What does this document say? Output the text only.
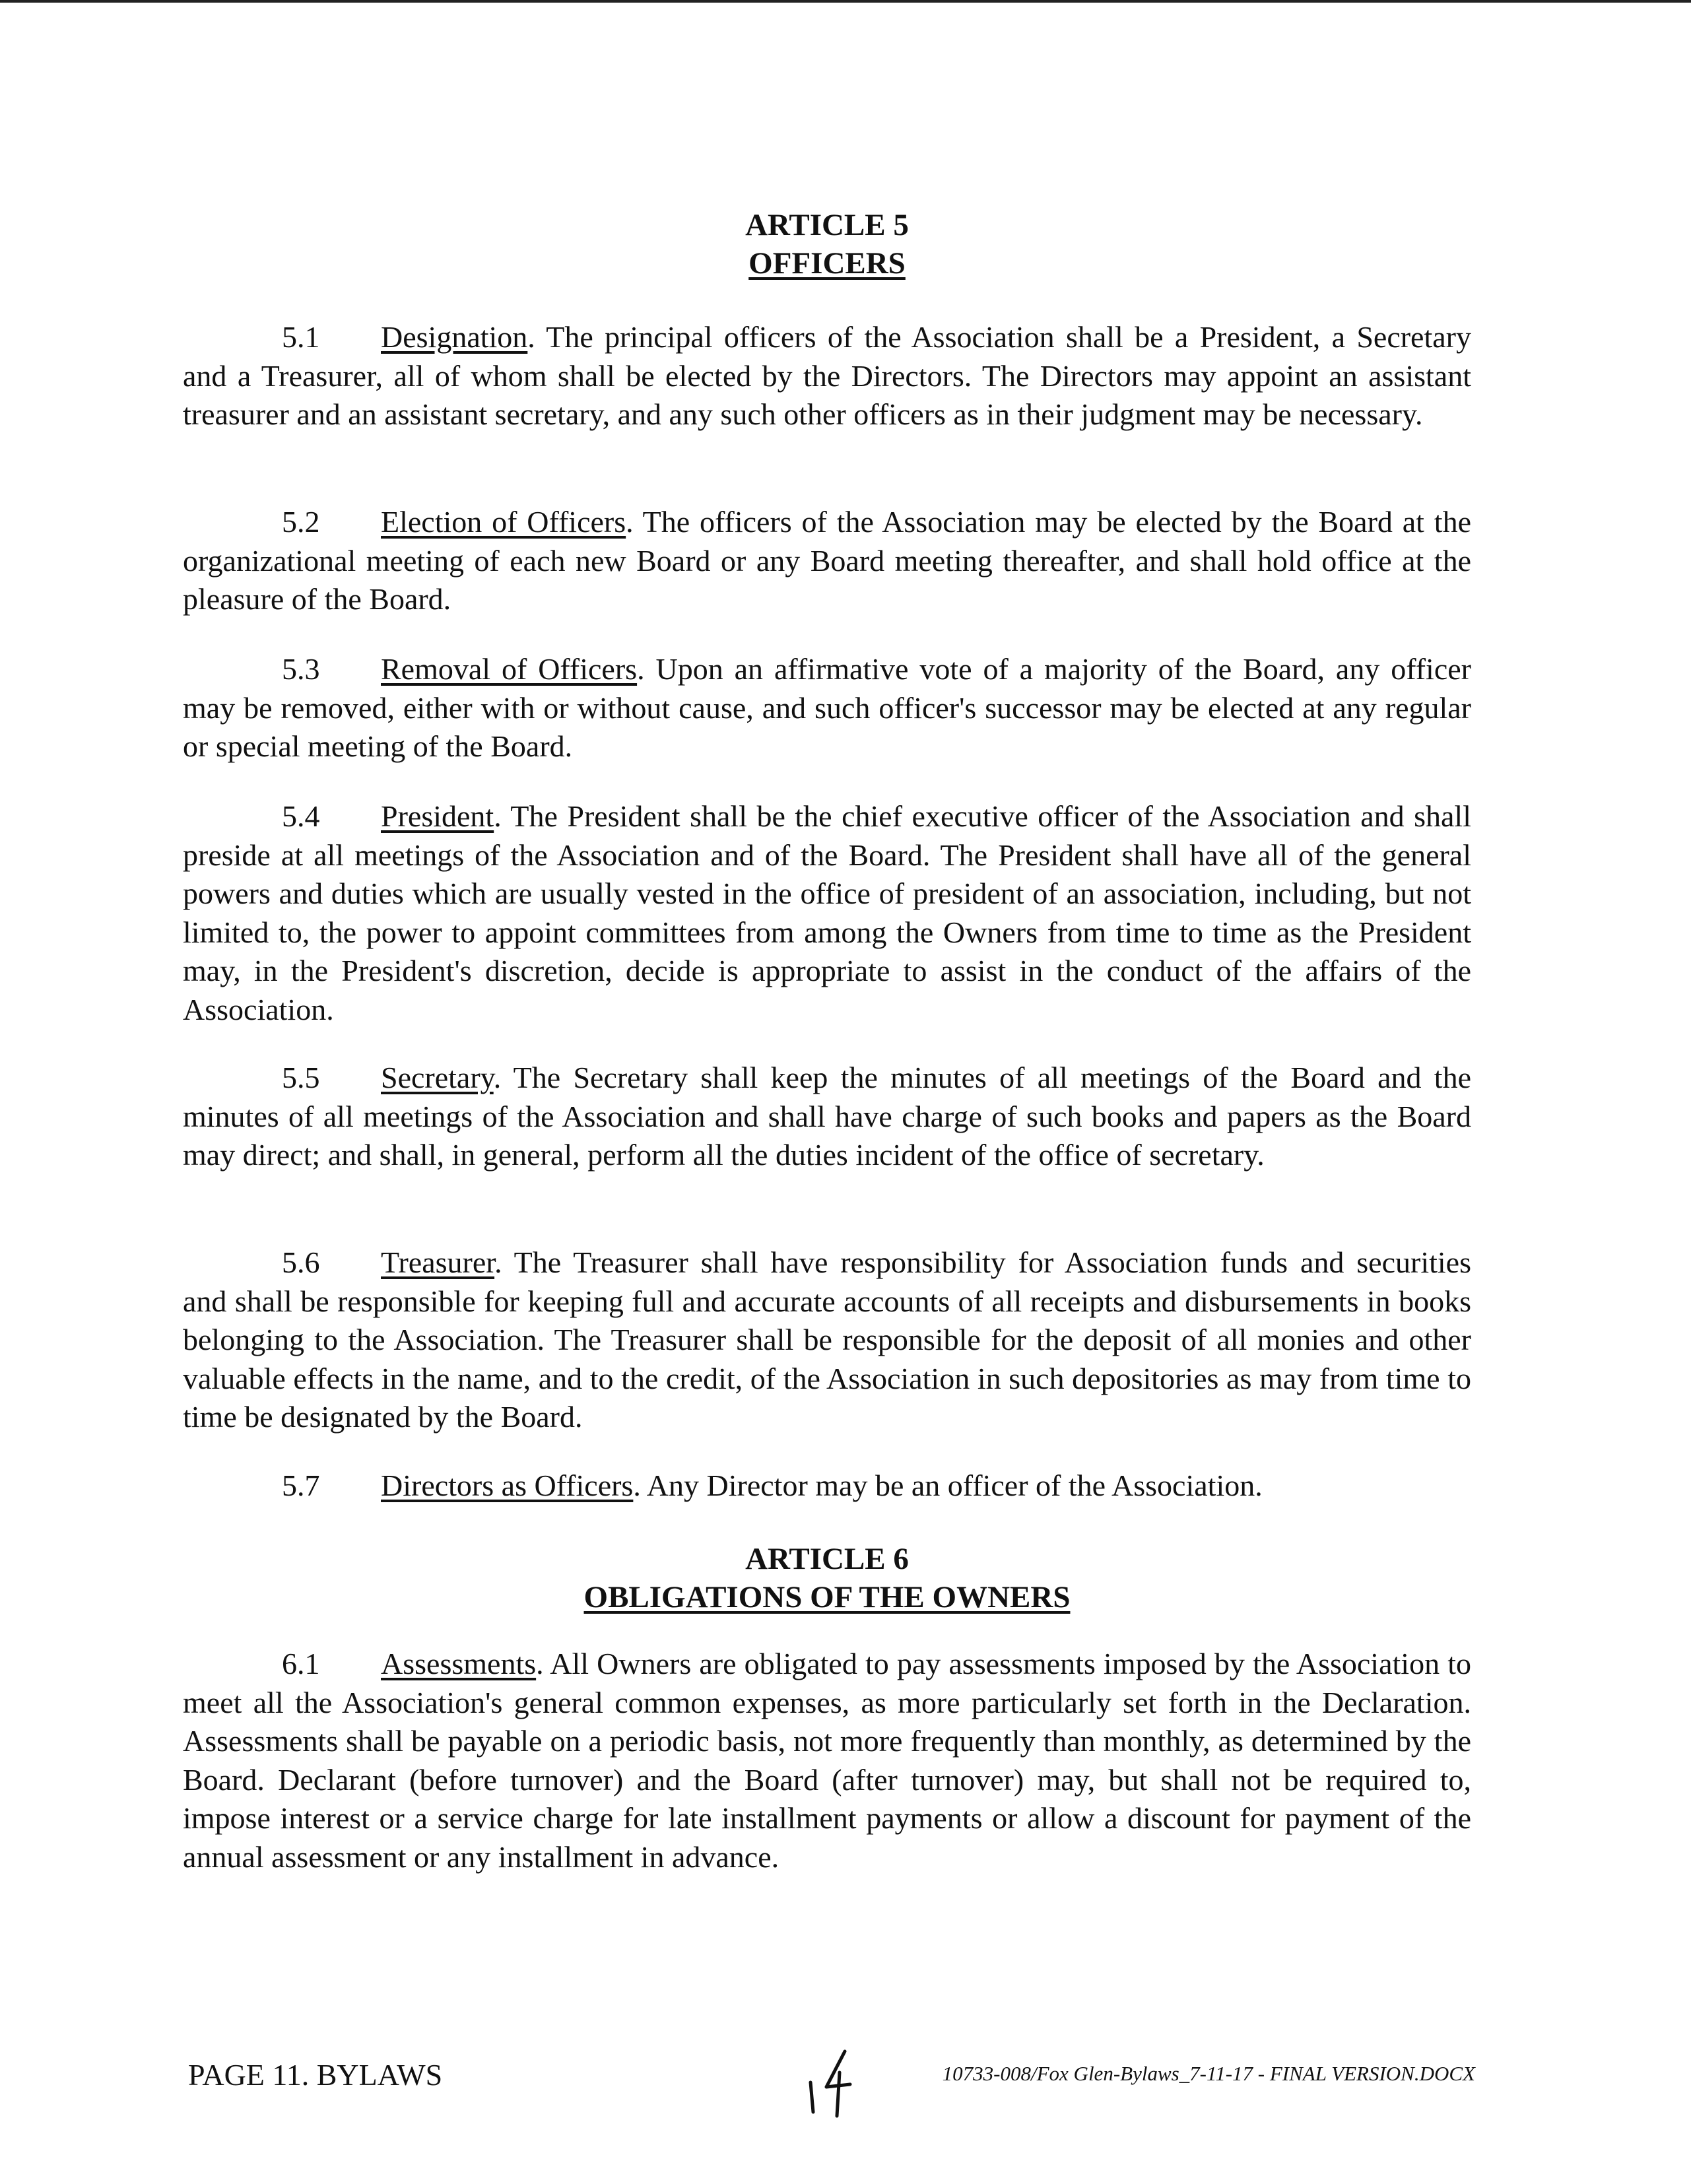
ARTICLE 5
OFFICERS
5.1 Designation. The principal officers of the Association shall be a President, a Secretary and a Treasurer, all of whom shall be elected by the Directors. The Directors may appoint an assistant treasurer and an assistant secretary, and any such other officers as in their judgment may be necessary.
5.2 Election of Officers. The officers of the Association may be elected by the Board at the organizational meeting of each new Board or any Board meeting thereafter, and shall hold office at the pleasure of the Board.
5.3 Removal of Officers. Upon an affirmative vote of a majority of the Board, any officer may be removed, either with or without cause, and such officer's successor may be elected at any regular or special meeting of the Board.
5.4 President. The President shall be the chief executive officer of the Association and shall preside at all meetings of the Association and of the Board. The President shall have all of the general powers and duties which are usually vested in the office of president of an association, including, but not limited to, the power to appoint committees from among the Owners from time to time as the President may, in the President's discretion, decide is appropriate to assist in the conduct of the affairs of the Association.
5.5 Secretary. The Secretary shall keep the minutes of all meetings of the Board and the minutes of all meetings of the Association and shall have charge of such books and papers as the Board may direct; and shall, in general, perform all the duties incident of the office of secretary.
5.6 Treasurer. The Treasurer shall have responsibility for Association funds and securities and shall be responsible for keeping full and accurate accounts of all receipts and disbursements in books belonging to the Association. The Treasurer shall be responsible for the deposit of all monies and other valuable effects in the name, and to the credit, of the Association in such depositories as may from time to time be designated by the Board.
5.7 Directors as Officers. Any Director may be an officer of the Association.
ARTICLE 6
OBLIGATIONS OF THE OWNERS
6.1 Assessments. All Owners are obligated to pay assessments imposed by the Association to meet all the Association's general common expenses, as more particularly set forth in the Declaration. Assessments shall be payable on a periodic basis, not more frequently than monthly, as determined by the Board. Declarant (before turnover) and the Board (after turnover) may, but shall not be required to, impose interest or a service charge for late installment payments or allow a discount for payment of the annual assessment or any installment in advance.
PAGE 11. BYLAWS	10733-008/Fox Glen-Bylaws_7-11-17 - FINAL VERSION.DOCX
